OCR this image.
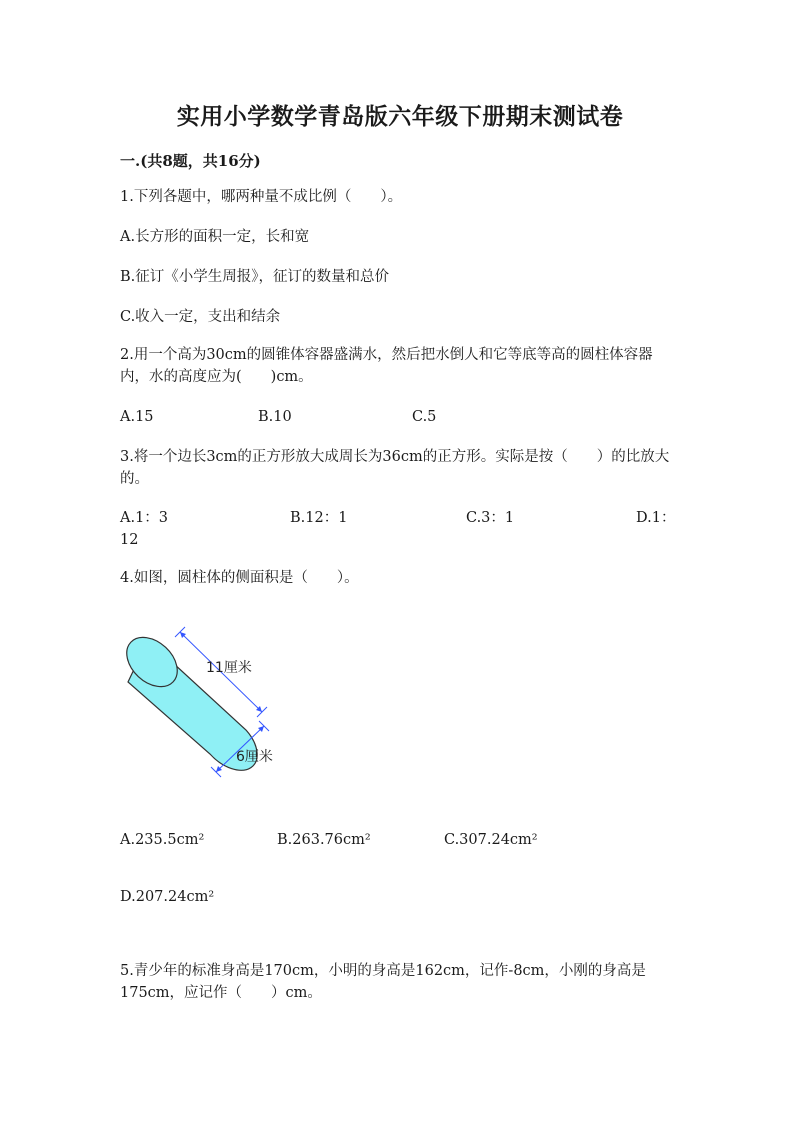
实用小学数学青岛版六年级下册期末测试卷
一.(共8题，共16分)
1.下列各题中，哪两种量不成比例（　　）。
A.长方形的面积一定，长和宽
B.征订《小学生周报》，征订的数量和总价
C.收入一定，支出和结余
2.用一个高为30cm的圆锥体容器盛满水，然后把水倒人和它等底等高的圆柱体容器内，水的高度应为(　　)cm。
A.15	B.10	C.5
3.将一个边长3cm的正方形放大成周长为36cm的正方形。实际是按（　　）的比放大的。
A.1：3	B.12：1	C.3：1	D.1：
12
4.如图，圆柱体的侧面积是（　　）。
11厘米
6厘米
A.235.5cm²	B.263.76cm²	C.307.24cm²
D.207.24cm²
5.青少年的标准身高是170cm，小明的身高是162cm，记作-8cm，小刚的身高是175cm，应记作（　　）cm。
